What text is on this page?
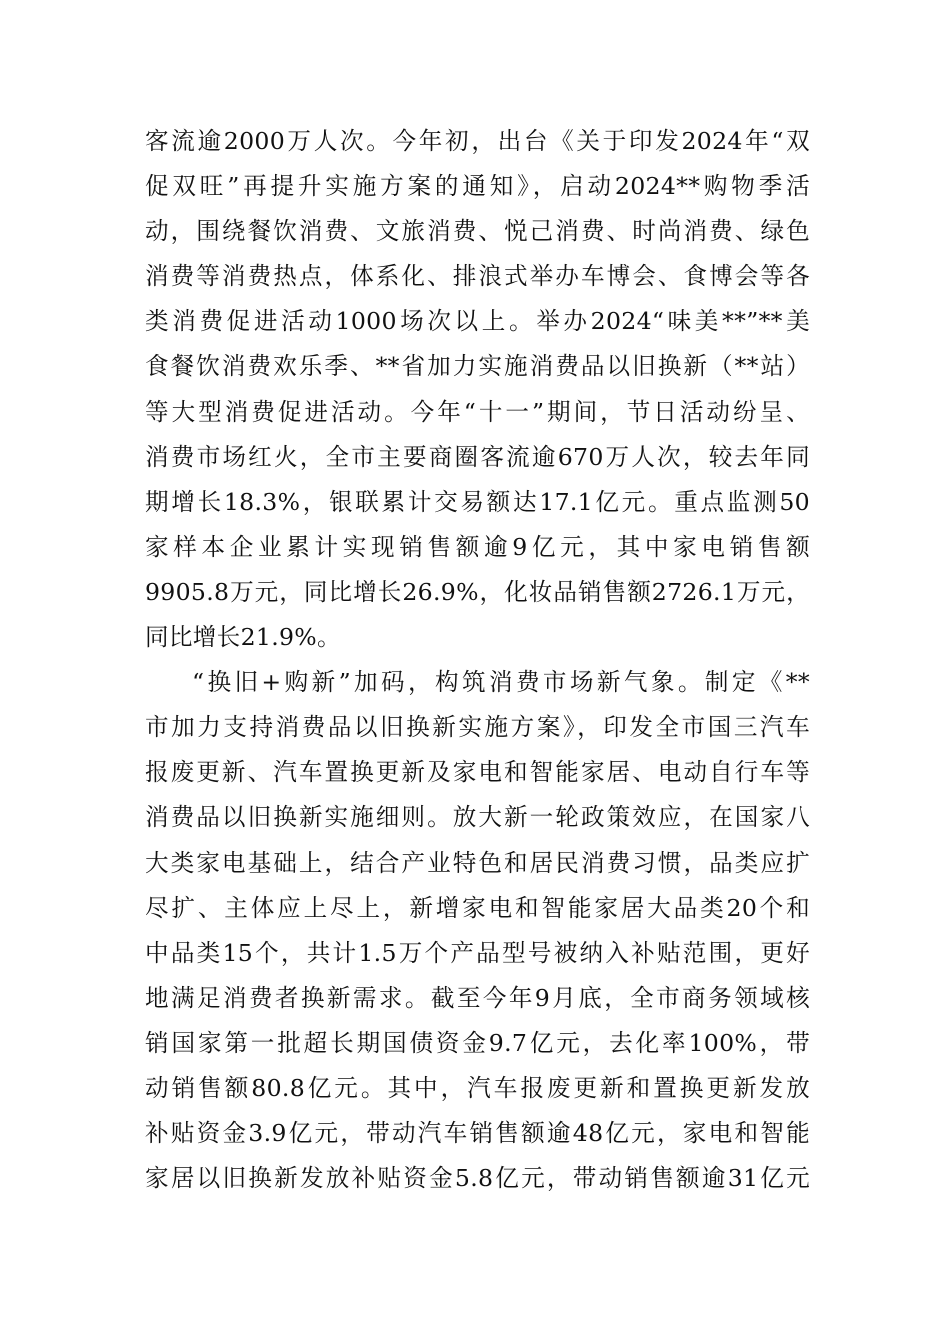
客流逾2000万人次。今年初，出台《关于印发2024年“双
促双旺”再提升实施方案的通知》，启动2024**购物季活
动，围绕餐饮消费、文旅消费、悦己消费、时尚消费、绿色
消费等消费热点，体系化、排浪式举办车博会、食博会等各
类消费促进活动1000场次以上。举办2024“味美**”**美
食餐饮消费欢乐季、**省加力实施消费品以旧换新（**站）
等大型消费促进活动。今年“十一”期间，节日活动纷呈、
消费市场红火，全市主要商圈客流逾670万人次，较去年同
期增长18.3%，银联累计交易额达17.1亿元。重点监测50
家样本企业累计实现销售额逾9亿元，其中家电销售额
9905.8万元，同比增长26.9%，化妆品销售额2726.1万元，
同比增长21.9%。
“换旧+购新”加码，构筑消费市场新气象。制定《**
市加力支持消费品以旧换新实施方案》，印发全市国三汽车
报废更新、汽车置换更新及家电和智能家居、电动自行车等
消费品以旧换新实施细则。放大新一轮政策效应，在国家八
大类家电基础上，结合产业特色和居民消费习惯，品类应扩
尽扩、主体应上尽上，新增家电和智能家居大品类20个和
中品类15个，共计1.5万个产品型号被纳入补贴范围，更好
地满足消费者换新需求。截至今年9月底，全市商务领域核
销国家第一批超长期国债资金9.7亿元，去化率100%，带
动销售额80.8亿元。其中，汽车报废更新和置换更新发放
补贴资金3.9亿元，带动汽车销售额逾48亿元，家电和智能
家居以旧换新发放补贴资金5.8亿元，带动销售额逾31亿元
